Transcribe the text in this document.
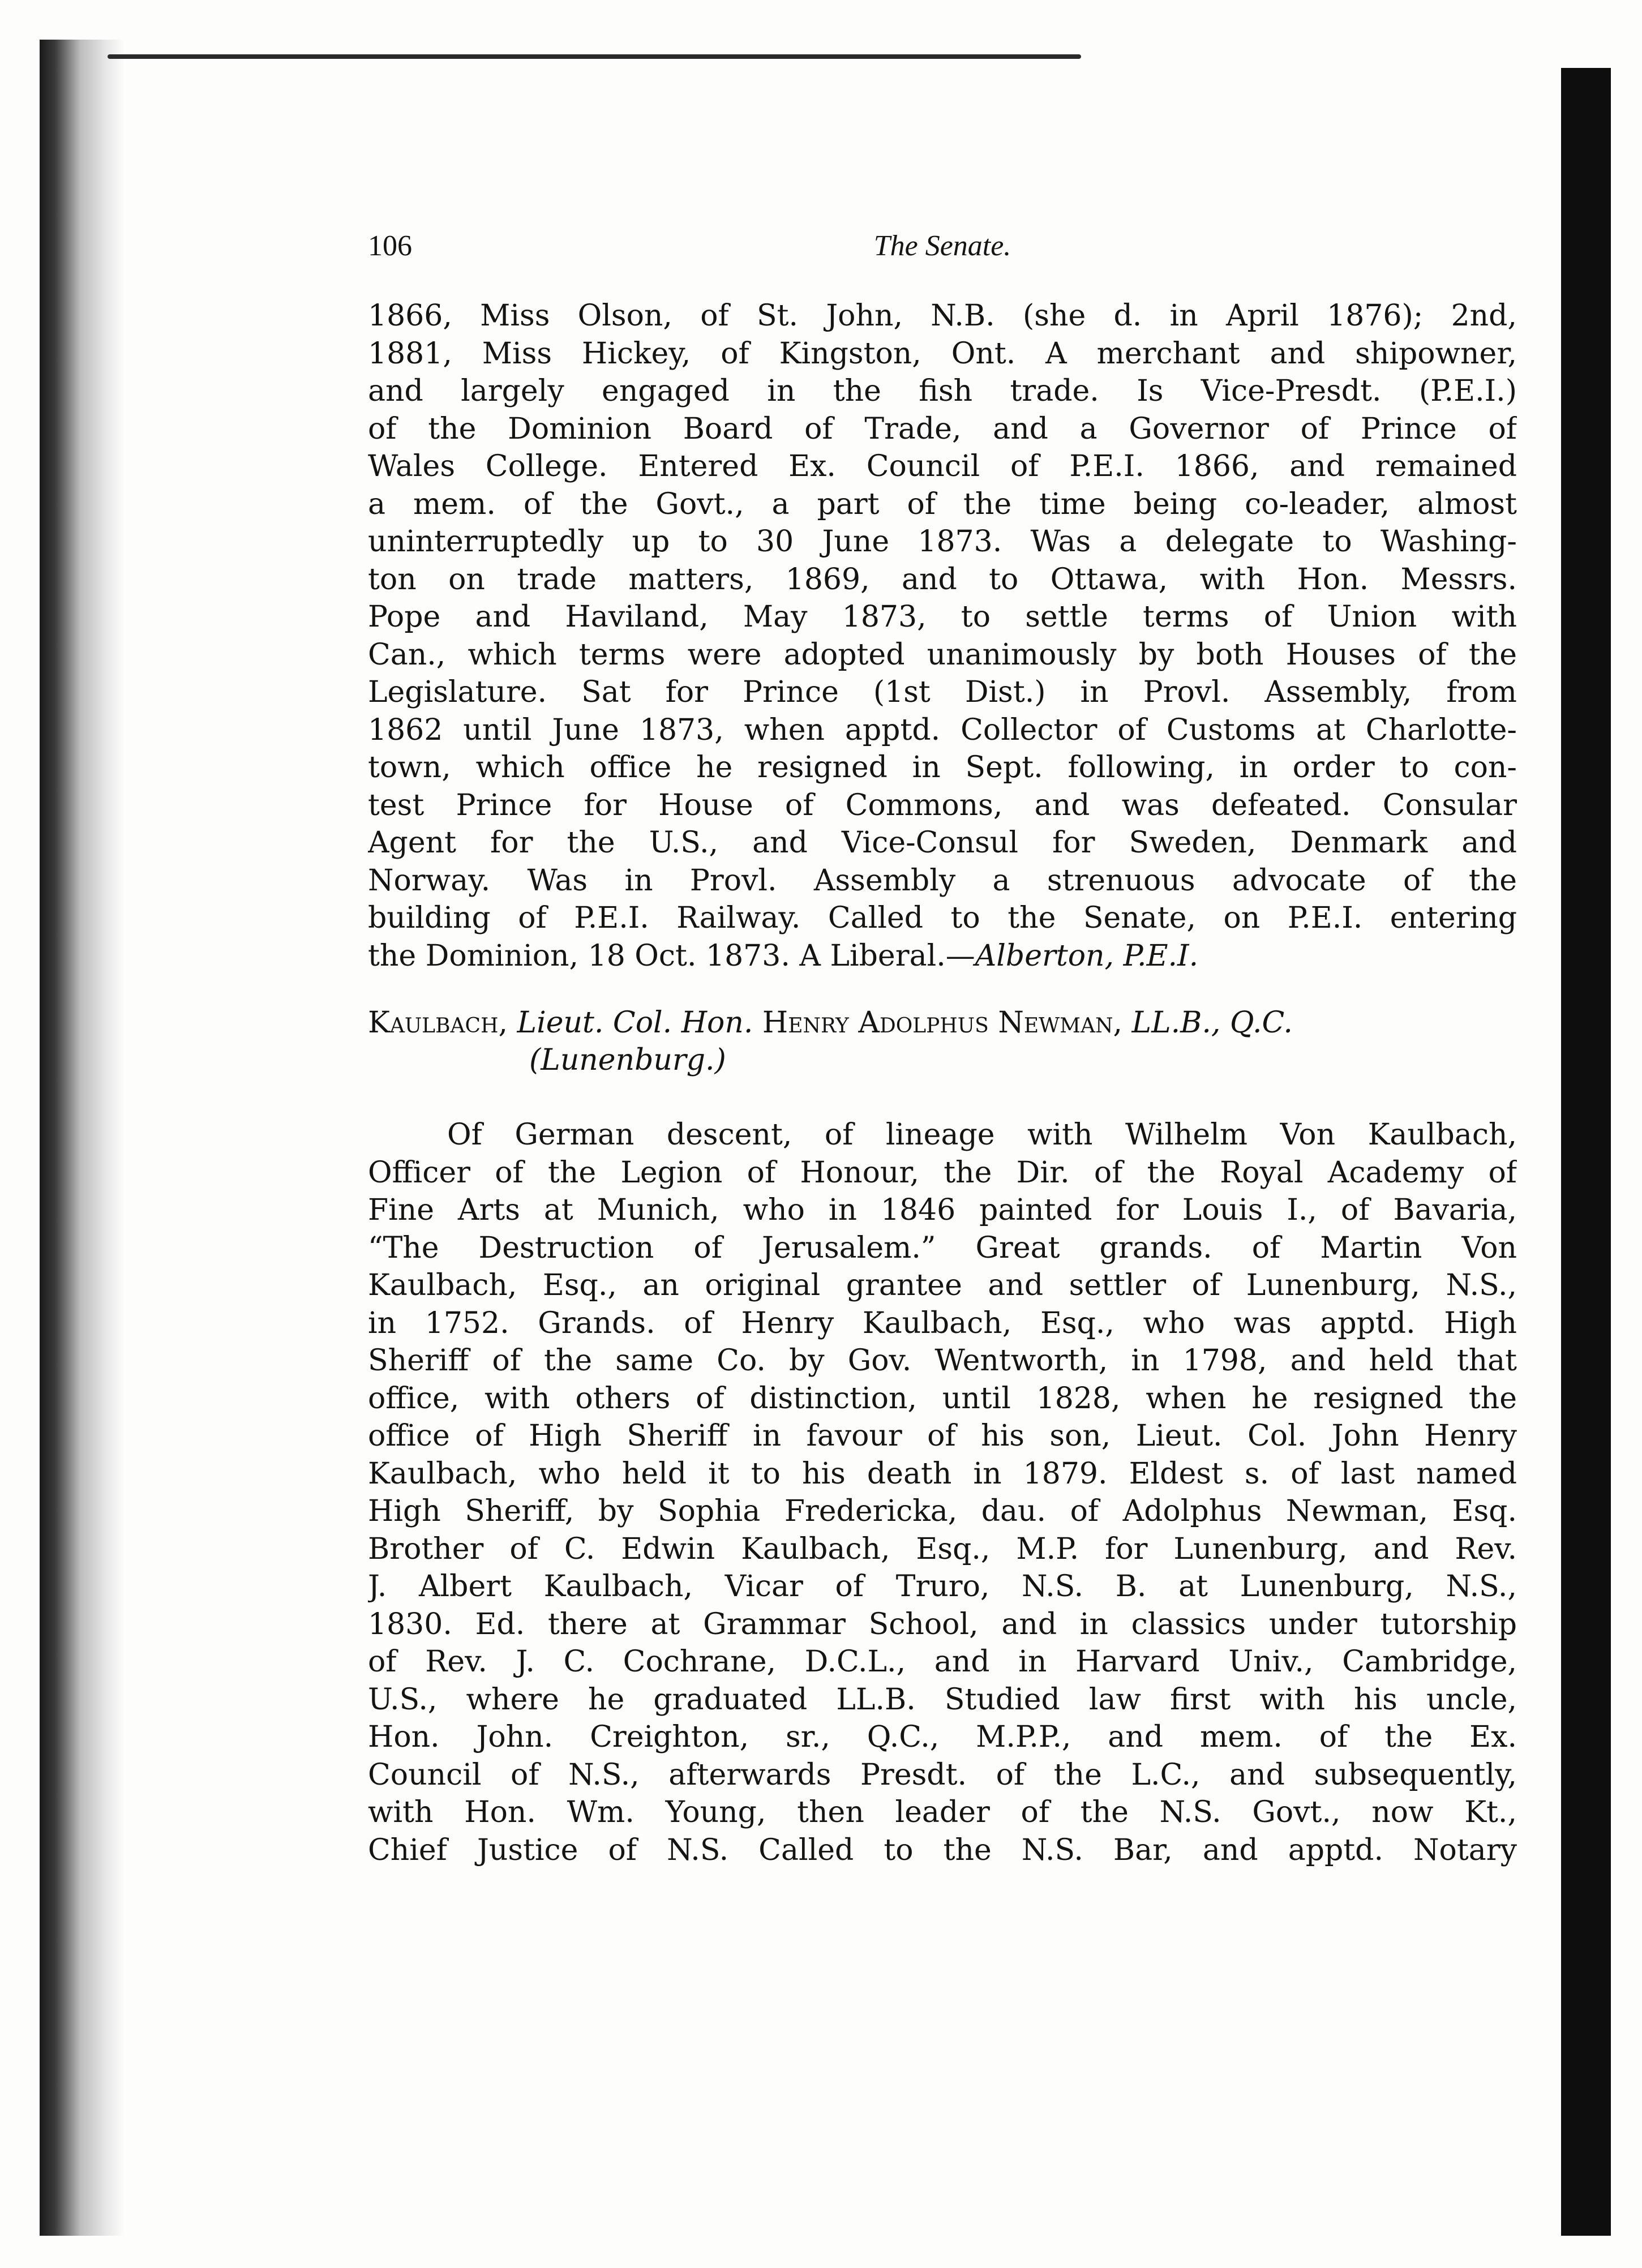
106	The Senate.
1866, Miss Olson, of St. John, N.B. (she d. in April 1876); 2nd,
1881, Miss Hickey, of Kingston, Ont. A merchant and shipowner,
and largely engaged in the fish trade. Is Vice-Presdt. (P.E.I.)
of the Dominion Board of Trade, and a Governor of Prince of
Wales College. Entered Ex. Council of P.E.I. 1866, and remained
a mem. of the Govt., a part of the time being co-leader, almost
uninterruptedly up to 30 June 1873. Was a delegate to Washing-
ton on trade matters, 1869, and to Ottawa, with Hon. Messrs.
Pope and Haviland, May 1873, to settle terms of Union with
Can., which terms were adopted unanimously by both Houses of the
Legislature. Sat for Prince (1st Dist.) in Provl. Assembly, from
1862 until June 1873, when apptd. Collector of Customs at Charlotte-
town, which office he resigned in Sept. following, in order to con-
test Prince for House of Commons, and was defeated. Consular
Agent for the U.S., and Vice-Consul for Sweden, Denmark and
Norway. Was in Provl. Assembly a strenuous advocate of the
building of P.E.I. Railway. Called to the Senate, on P.E.I. entering
the Dominion, 18 Oct. 1873. A Liberal.—Alberton, P.E.I.
Kaulbach, Lieut. Col. Hon. Henry Adolphus Newman, LL.B., Q.C.
(Lunenburg.)
Of German descent, of lineage with Wilhelm Von Kaulbach,
Officer of the Legion of Honour, the Dir. of the Royal Academy of
Fine Arts at Munich, who in 1846 painted for Louis I., of Bavaria,
“The Destruction of Jerusalem.” Great grands. of Martin Von
Kaulbach, Esq., an original grantee and settler of Lunenburg, N.S.,
in 1752. Grands. of Henry Kaulbach, Esq., who was apptd. High
Sheriff of the same Co. by Gov. Wentworth, in 1798, and held that
office, with others of distinction, until 1828, when he resigned the
office of High Sheriff in favour of his son, Lieut. Col. John Henry
Kaulbach, who held it to his death in 1879. Eldest s. of last named
High Sheriff, by Sophia Fredericka, dau. of Adolphus Newman, Esq.
Brother of C. Edwin Kaulbach, Esq., M.P. for Lunenburg, and Rev.
J. Albert Kaulbach, Vicar of Truro, N.S. B. at Lunenburg, N.S.,
1830. Ed. there at Grammar School, and in classics under tutorship
of Rev. J. C. Cochrane, D.C.L., and in Harvard Univ., Cambridge,
U.S., where he graduated LL.B. Studied law first with his uncle,
Hon. John. Creighton, sr., Q.C., M.P.P., and mem. of the Ex.
Council of N.S., afterwards Presdt. of the L.C., and subsequently,
with Hon. Wm. Young, then leader of the N.S. Govt., now Kt.,
Chief Justice of N.S. Called to the N.S. Bar, and apptd. Notary
